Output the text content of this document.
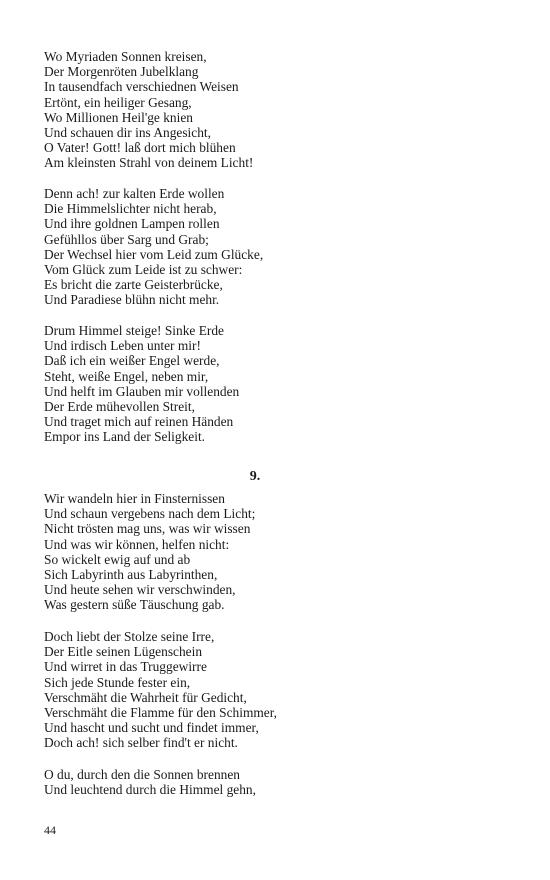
Wo Myriaden Sonnen kreisen,
Der Morgenröten Jubelklang
In tausendfach verschiednen Weisen
Ertönt, ein heiliger Gesang,
Wo Millionen Heil'ge knien
Und schauen dir ins Angesicht,
O Vater! Gott! laß dort mich blühen
Am kleinsten Strahl von deinem Licht!
Denn ach! zur kalten Erde wollen
Die Himmelslichter nicht herab,
Und ihre goldnen Lampen rollen
Gefühllos über Sarg und Grab;
Der Wechsel hier vom Leid zum Glücke,
Vom Glück zum Leide ist zu schwer:
Es bricht die zarte Geisterbrücke,
Und Paradiese blühn nicht mehr.
Drum Himmel steige! Sinke Erde
Und irdisch Leben unter mir!
Daß ich ein weißer Engel werde,
Steht, weiße Engel, neben mir,
Und helft im Glauben mir vollenden
Der Erde mühevollen Streit,
Und traget mich auf reinen Händen
Empor ins Land der Seligkeit.
9.
Wir wandeln hier in Finsternissen
Und schaun vergebens nach dem Licht;
Nicht trösten mag uns, was wir wissen
Und was wir können, helfen nicht:
So wickelt ewig auf und ab
Sich Labyrinth aus Labyrinthen,
Und heute sehen wir verschwinden,
Was gestern süße Täuschung gab.
Doch liebt der Stolze seine Irre,
Der Eitle seinen Lügenschein
Und wirret in das Truggewirre
Sich jede Stunde fester ein,
Verschmäht die Wahrheit für Gedicht,
Verschmäht die Flamme für den Schimmer,
Und hascht und sucht und findet immer,
Doch ach! sich selber find't er nicht.
O du, durch den die Sonnen brennen
Und leuchtend durch die Himmel gehn,
44
